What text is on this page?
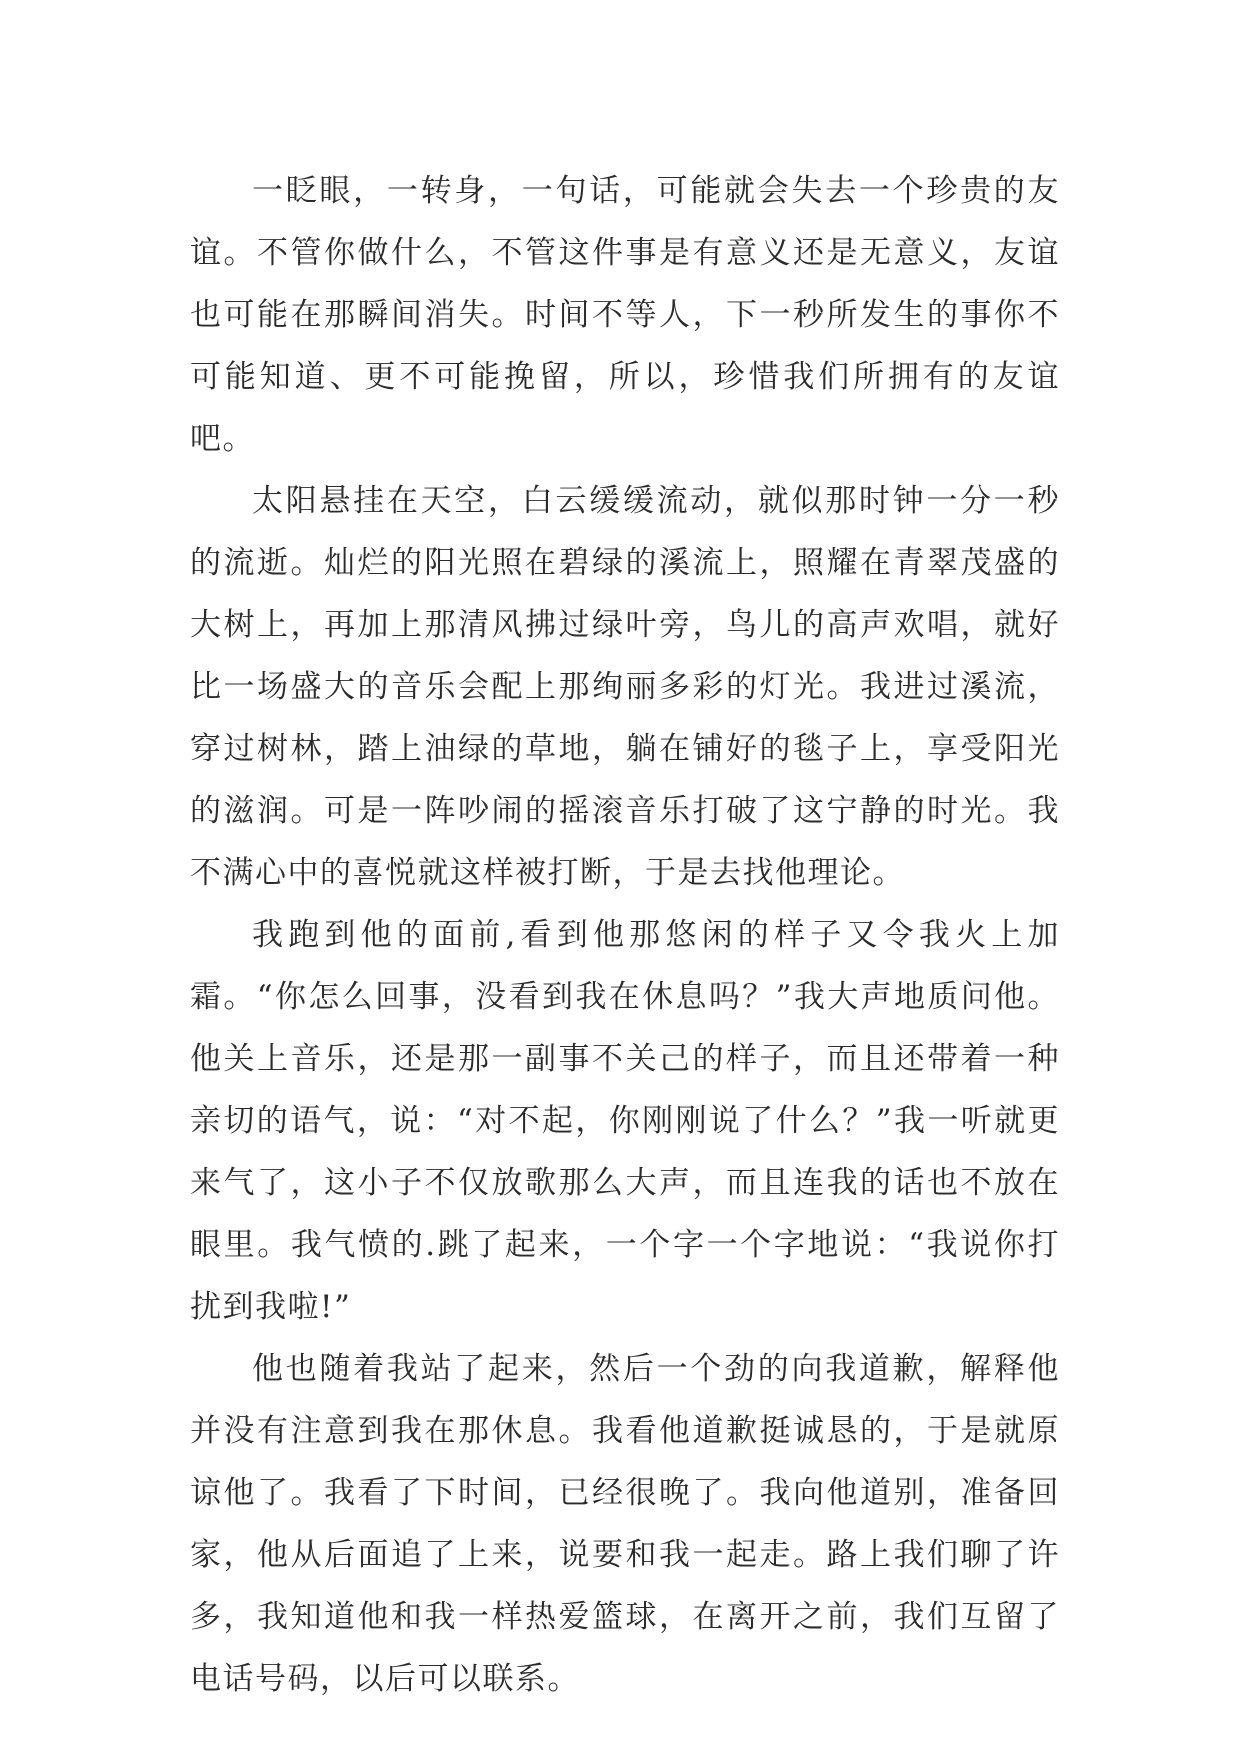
一眨眼，一转身，一句话，可能就会失去一个珍贵的友谊。不管你做什么，不管这件事是有意义还是无意义，友谊也可能在那瞬间消失。时间不等人，下一秒所发生的事你不可能知道、更不可能挽留，所以，珍惜我们所拥有的友谊吧。

太阳悬挂在天空，白云缓缓流动，就似那时钟一分一秒的流逝。灿烂的阳光照在碧绿的溪流上，照耀在青翠茂盛的大树上，再加上那清风拂过绿叶旁，鸟儿的高声欢唱，就好比一场盛大的音乐会配上那绚丽多彩的灯光。我进过溪流，穿过树林，踏上油绿的草地，躺在铺好的毯子上，享受阳光的滋润。可是一阵吵闹的摇滚音乐打破了这宁静的时光。我不满心中的喜悦就这样被打断，于是去找他理论。

我跑到他的面前,看到他那悠闲的样子又令我火上加霜。“你怎么回事，没看到我在休息吗？”我大声地质问他。他关上音乐，还是那一副事不关己的样子，而且还带着一种亲切的语气，说：“对不起，你刚刚说了什么？”我一听就更来气了，这小子不仅放歌那么大声，而且连我的话也不放在眼里。我气愤的.跳了起来，一个字一个字地说：“我说你打扰到我啦!”

他也随着我站了起来，然后一个劲的向我道歉，解释他并没有注意到我在那休息。我看他道歉挺诚恳的，于是就原谅他了。我看了下时间，已经很晚了。我向他道别，准备回家，他从后面追了上来，说要和我一起走。路上我们聊了许多，我知道他和我一样热爱篮球，在离开之前，我们互留了电话号码，以后可以联系。
